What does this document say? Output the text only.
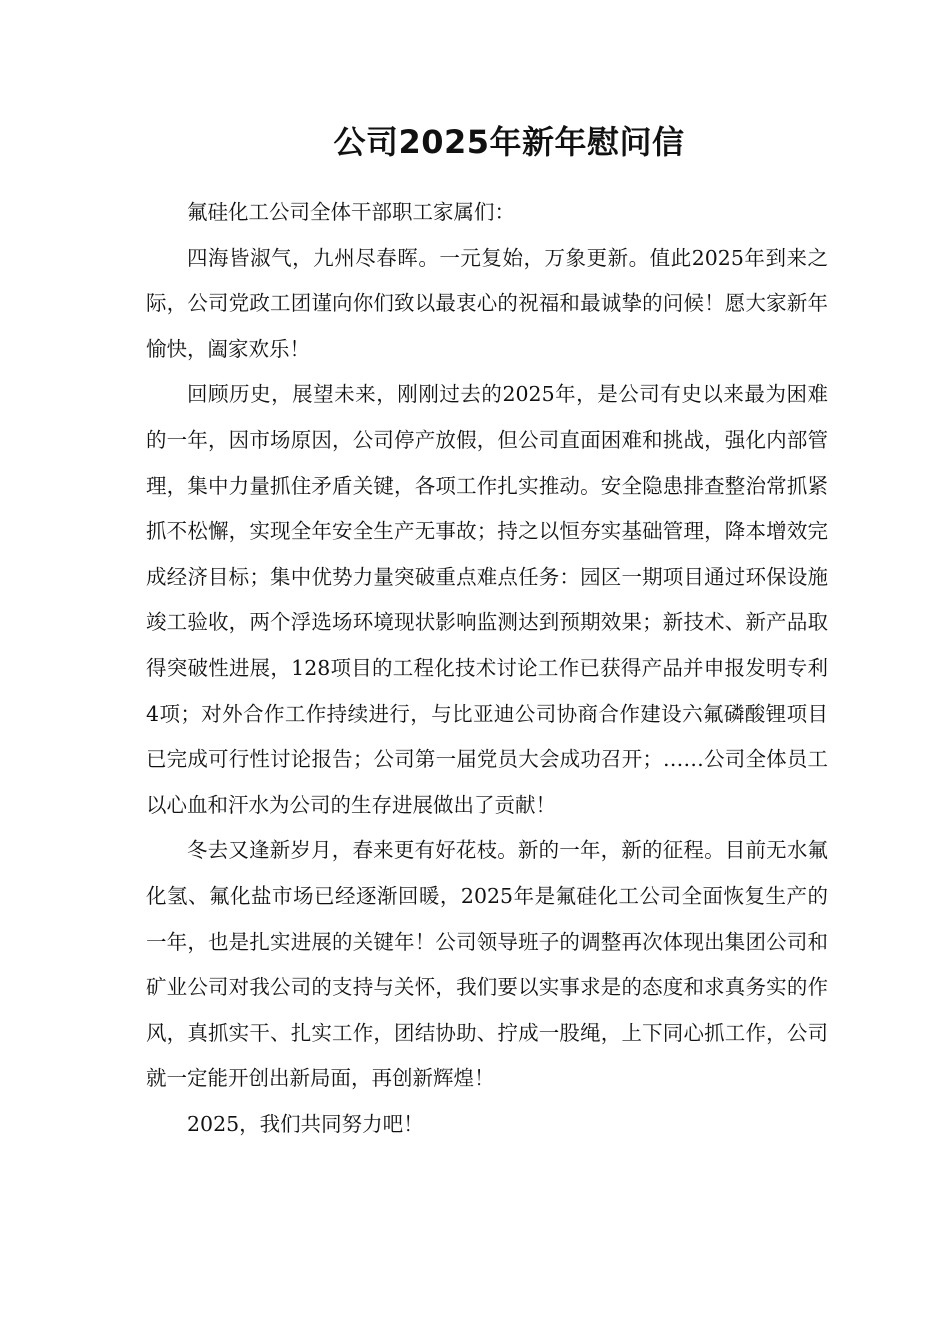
公司2025年新年慰问信

氟硅化工公司全体干部职工家属们：

四海皆淑气，九州尽春晖。一元复始，万象更新。值此2025年到来之际，公司党政工团谨向你们致以最衷心的祝福和最诚挚的问候！愿大家新年愉快，阖家欢乐！

回顾历史，展望未来，刚刚过去的2025年，是公司有史以来最为困难的一年，因市场原因，公司停产放假，但公司直面困难和挑战，强化内部管理，集中力量抓住矛盾关键，各项工作扎实推动。安全隐患排查整治常抓紧抓不松懈，实现全年安全生产无事故；持之以恒夯实基础管理，降本增效完成经济目标；集中优势力量突破重点难点任务：园区一期项目通过环保设施竣工验收，两个浮选场环境现状影响监测达到预期效果；新技术、新产品取得突破性进展，128项目的工程化技术讨论工作已获得产品并申报发明专利4项；对外合作工作持续进行，与比亚迪公司协商合作建设六氟磷酸锂项目已完成可行性讨论报告；公司第一届党员大会成功召开；……公司全体员工以心血和汗水为公司的生存进展做出了贡献！

冬去又逢新岁月，春来更有好花枝。新的一年，新的征程。目前无水氟化氢、氟化盐市场已经逐渐回暖，2025年是氟硅化工公司全面恢复生产的一年，也是扎实进展的关键年！公司领导班子的调整再次体现出集团公司和矿业公司对我公司的支持与关怀，我们要以实事求是的态度和求真务实的作风，真抓实干、扎实工作，团结协助、拧成一股绳，上下同心抓工作，公司就一定能开创出新局面，再创新辉煌！

2025，我们共同努力吧！
